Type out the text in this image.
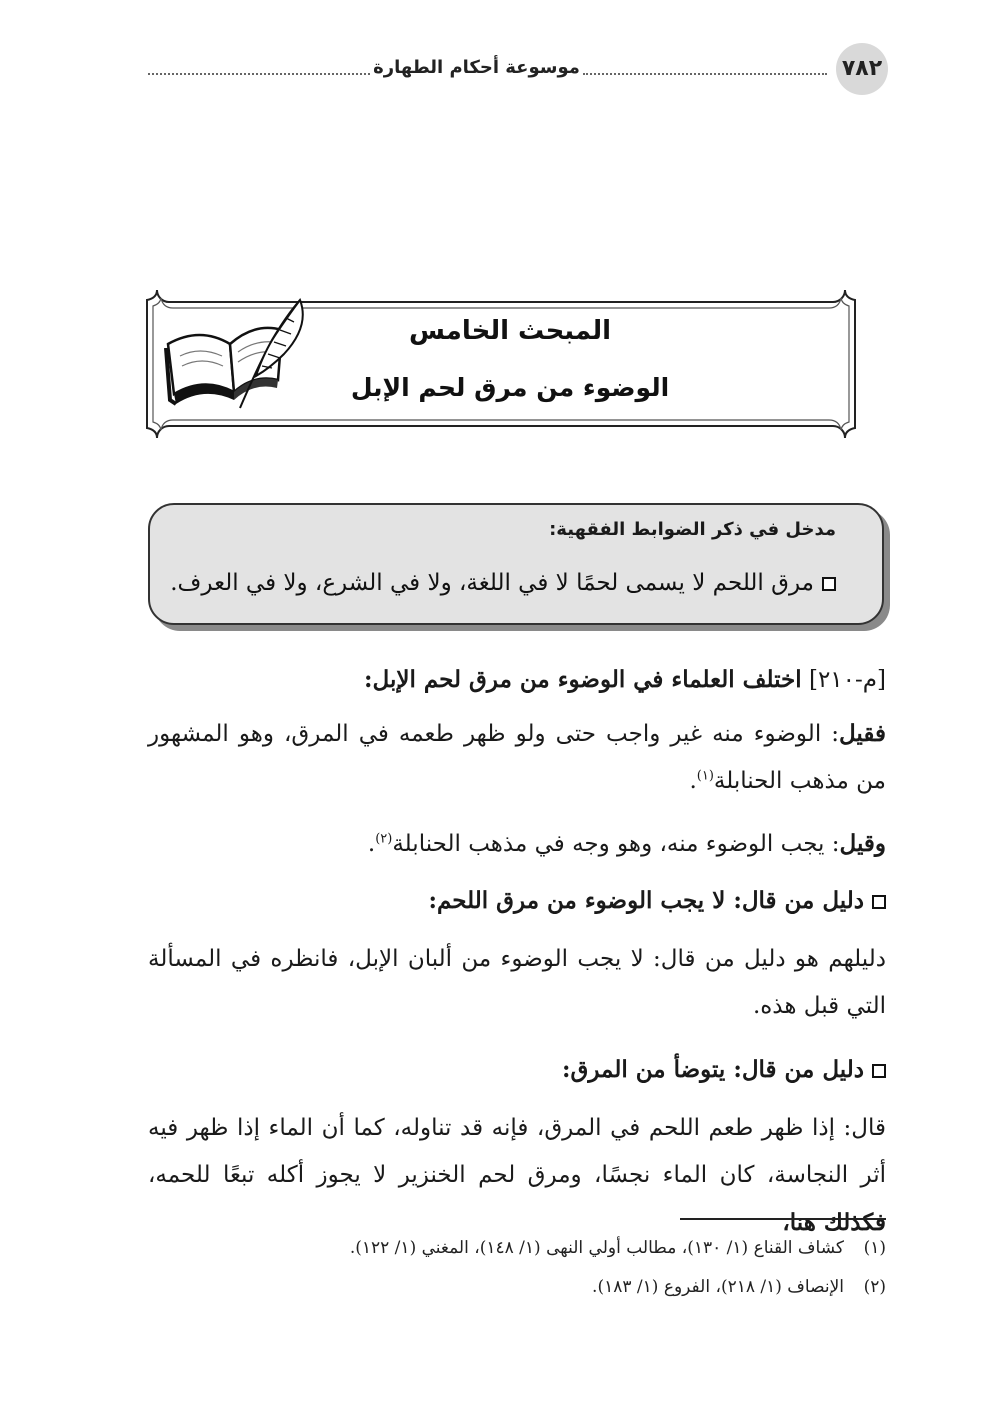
٧٨٢
موسوعة أحكام الطهارة
المبحث الخامس
الوضوء من مرق لحم الإبل
مدخل في ذكر الضوابط الفقهية:
مرق اللحم لا يسمى لحمًا لا في اللغة، ولا في الشرع، ولا في العرف.
[م-٢١٠] اختلف العلماء في الوضوء من مرق لحم الإبل:
فقيل: الوضوء منه غير واجب حتى ولو ظهر طعمه في المرق، وهو المشهور من مذهب الحنابلة$^{(١)}$.
وقيل: يجب الوضوء منه، وهو وجه في مذهب الحنابلة$^{(٢)}$.
دليل من قال: لا يجب الوضوء من مرق اللحم:
دليلهم هو دليل من قال: لا يجب الوضوء من ألبان الإبل، فانظره في المسألة التي قبل هذه.
دليل من قال: يتوضأ من المرق:
قال: إذا ظهر طعم اللحم في المرق، فإنه قد تناوله، كما أن الماء إذا ظهر فيه أثر النجاسة، كان الماء نجسًا، ومرق لحم الخنزير لا يجوز أكله تبعًا للحمه، فكذلك هنا،
(١)كشاف القناع (١/ ١٣٠)، مطالب أولي النهى (١/ ١٤٨)، المغني (١/ ١٢٢).
(٢)الإنصاف (١/ ٢١٨)، الفروع (١/ ١٨٣).
